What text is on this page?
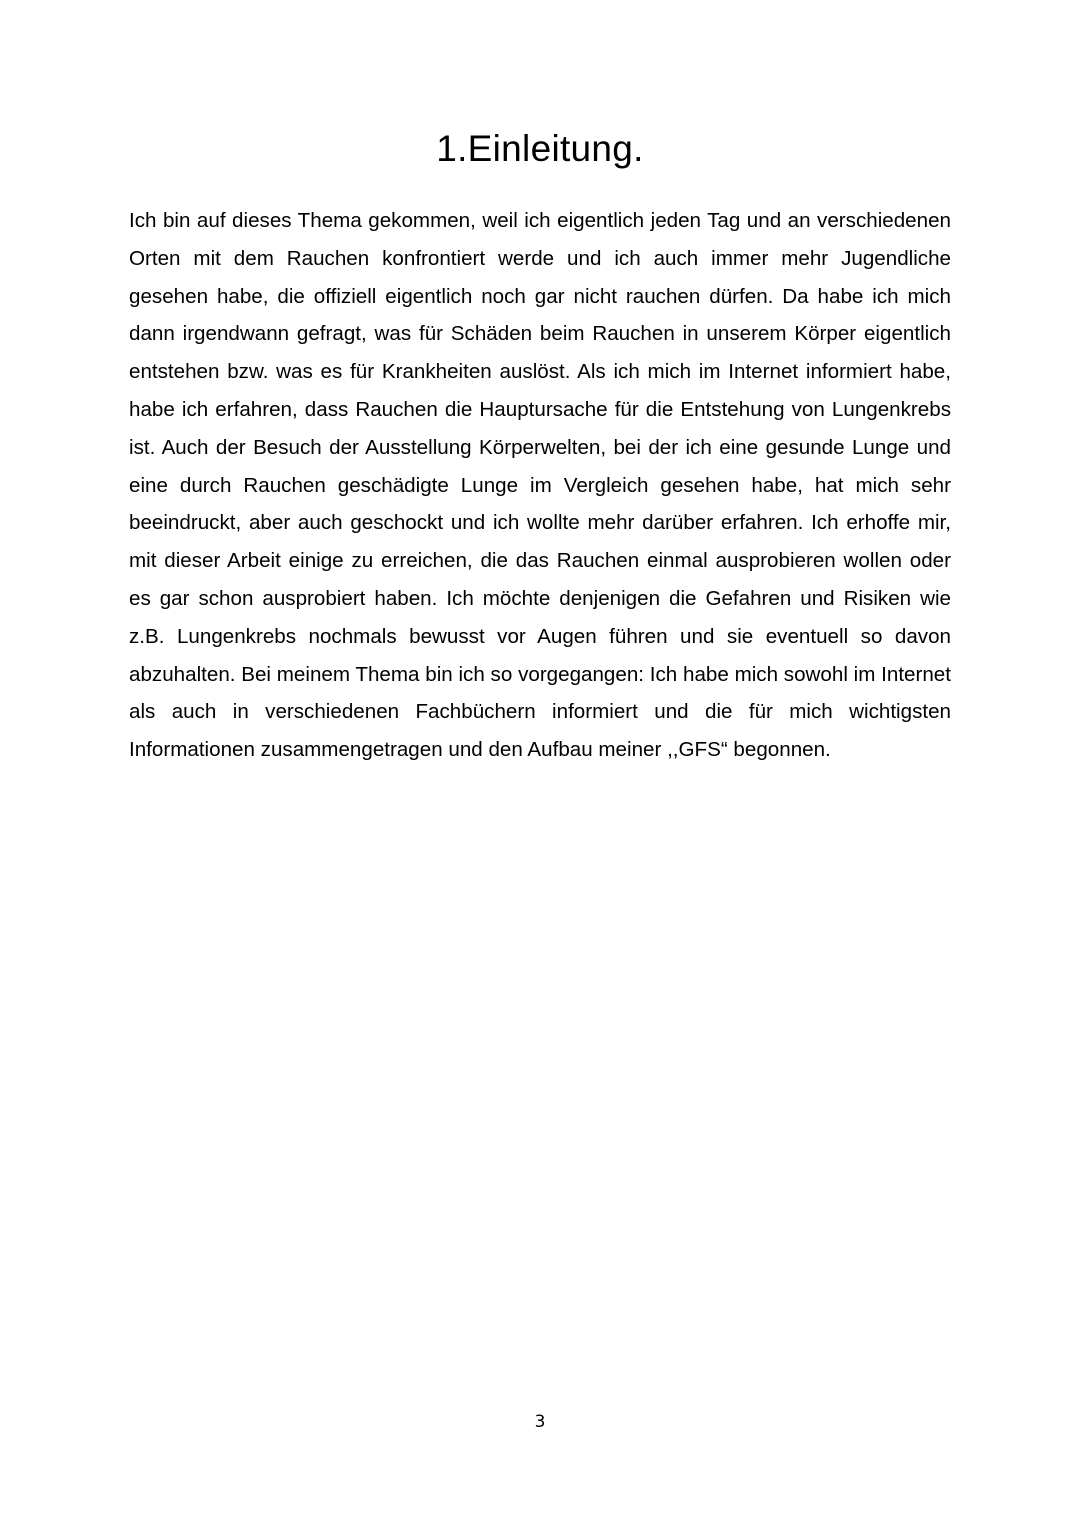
1.Einleitung.

Ich bin auf dieses Thema gekommen, weil ich eigentlich jeden Tag und an verschiedenen Orten mit dem Rauchen konfrontiert werde und ich auch immer mehr Jugendliche gesehen habe, die offiziell eigentlich noch gar nicht rauchen dürfen. Da habe ich mich dann irgendwann gefragt, was für Schäden beim Rauchen in unserem Körper eigentlich entstehen bzw. was es für Krankheiten auslöst. Als ich mich im Internet informiert habe, habe ich erfahren, dass Rauchen die Hauptursache für die Entstehung von Lungenkrebs ist. Auch der Besuch der Ausstellung Körperwelten, bei der ich eine gesunde Lunge und eine durch Rauchen geschädigte Lunge im Vergleich gesehen habe, hat mich sehr beeindruckt, aber auch geschockt und ich wollte mehr darüber erfahren. Ich erhoffe mir, mit dieser Arbeit einige zu erreichen, die das Rauchen einmal ausprobieren wollen oder es gar schon ausprobiert haben. Ich möchte denjenigen die Gefahren und Risiken wie z.B. Lungenkrebs nochmals bewusst vor Augen führen und sie eventuell so davon abzuhalten. Bei meinem Thema bin ich so vorgegangen: Ich habe mich sowohl im Internet als auch in verschiedenen Fachbüchern informiert und die für mich wichtigsten Informationen zusammengetragen und den Aufbau meiner ,,GFS“ begonnen.

3
